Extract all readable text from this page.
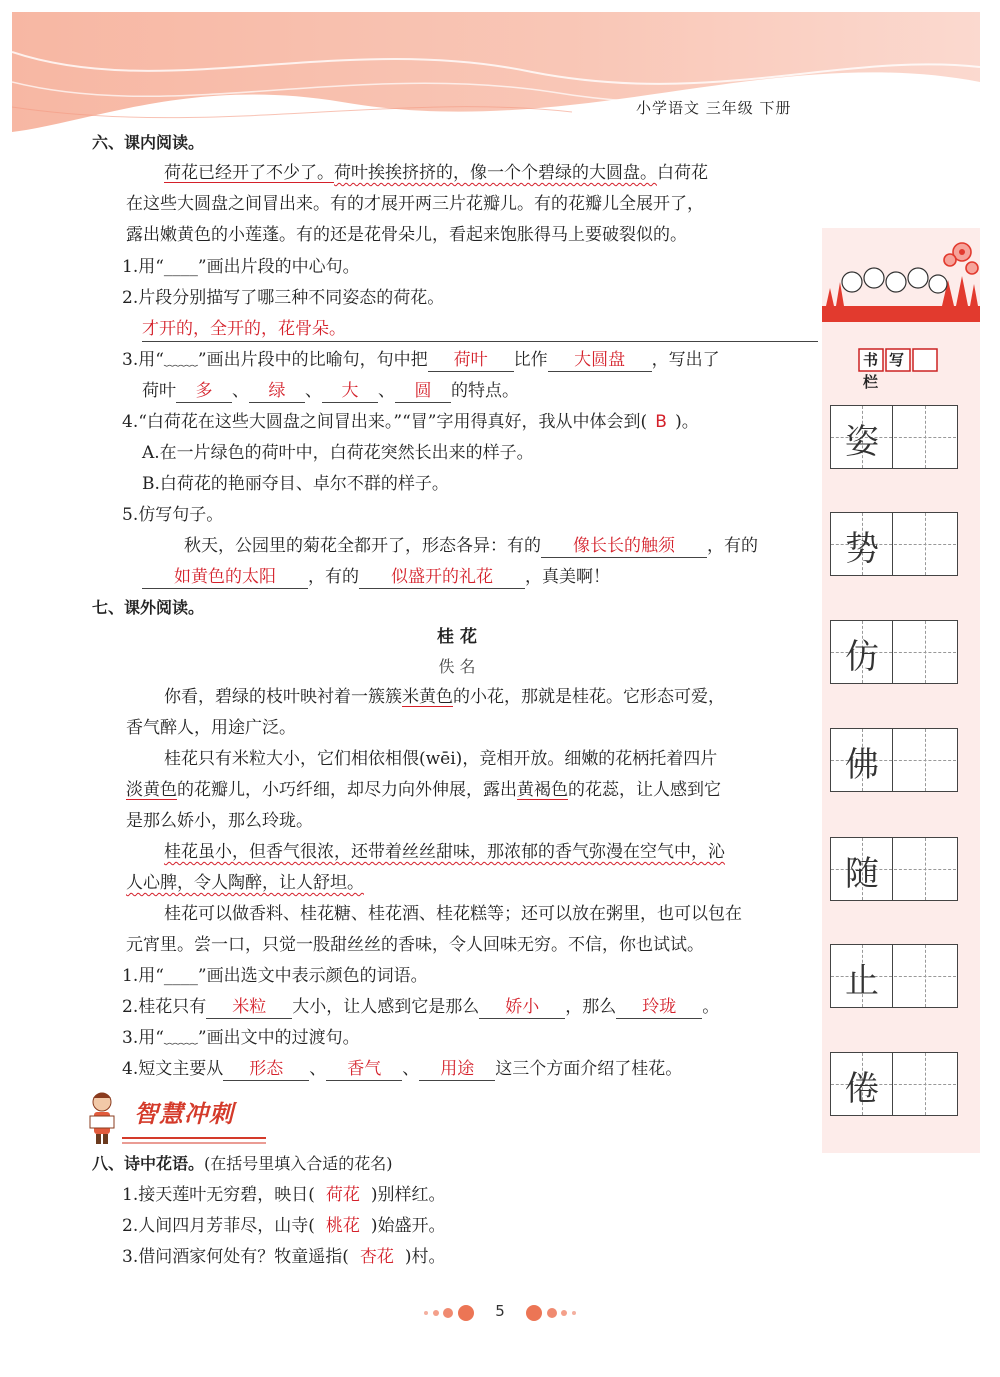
小学语文 三年级 下册
书写栏
姿
势
仿
佛
随
止
倦
六、课内阅读。
荷花已经开了不少了。荷叶挨挨挤挤的，像一个个碧绿的大圆盘。白荷花
在这些大圆盘之间冒出来。有的才展开两三片花瓣儿。有的花瓣儿全展开了，
露出嫩黄色的小莲蓬。有的还是花骨朵儿，看起来饱胀得马上要破裂似的。
1.用“____”画出片段的中心句。
2.片段分别描写了哪三种不同姿态的荷花。
才开的，全开的，花骨朵。
3.用“﹏﹏”画出片段中的比喻句，句中把 荷叶 比作 大圆盘 ，写出了
荷叶 多 、 绿 、 大 、 圆 的特点。
4.“白荷花在这些大圆盘之间冒出来。”“冒”字用得真好，我从中体会到( B )。
A.在一片绿色的荷叶中，白荷花突然长出来的样子。
B.白荷花的艳丽夺目、卓尔不群的样子。
5.仿写句子。
秋天，公园里的菊花全都开了，形态各异：有的 像长长的触须 ，有的
如黄色的太阳 ，有的 似盛开的礼花 ，真美啊！
七、课外阅读。
桂 花
佚 名
你看，碧绿的枝叶映衬着一簇簇米黄色的小花，那就是桂花。它形态可爱，
香气醉人，用途广泛。
桂花只有米粒大小，它们相依相偎(wēi)，竞相开放。细嫩的花柄托着四片
淡黄色的花瓣儿，小巧纤细，却尽力向外伸展，露出黄褐色的花蕊，让人感到它
是那么娇小，那么玲珑。
桂花虽小，但香气很浓，还带着丝丝甜味，那浓郁的香气弥漫在空气中，沁
人心脾，令人陶醉，让人舒坦。
桂花可以做香料、桂花糖、桂花酒、桂花糕等；还可以放在粥里，也可以包在
元宵里。尝一口，只觉一股甜丝丝的香味，令人回味无穷。不信，你也试试。
1.用“____”画出选文中表示颜色的词语。
2.桂花只有 米粒 大小，让人感到它是那么 娇小 ，那么 玲珑 。
3.用“﹏﹏”画出文中的过渡句。
4.短文主要从 形态 、 香气 、 用途 这三个方面介绍了桂花。
八、诗中花语。(在括号里填入合适的花名)
1.接天莲叶无穷碧，映日( 荷花 )别样红。
2.人间四月芳菲尽，山寺( 桃花 )始盛开。
3.借问酒家何处有？牧童遥指( 杏花 )村。
智慧冲刺
5
